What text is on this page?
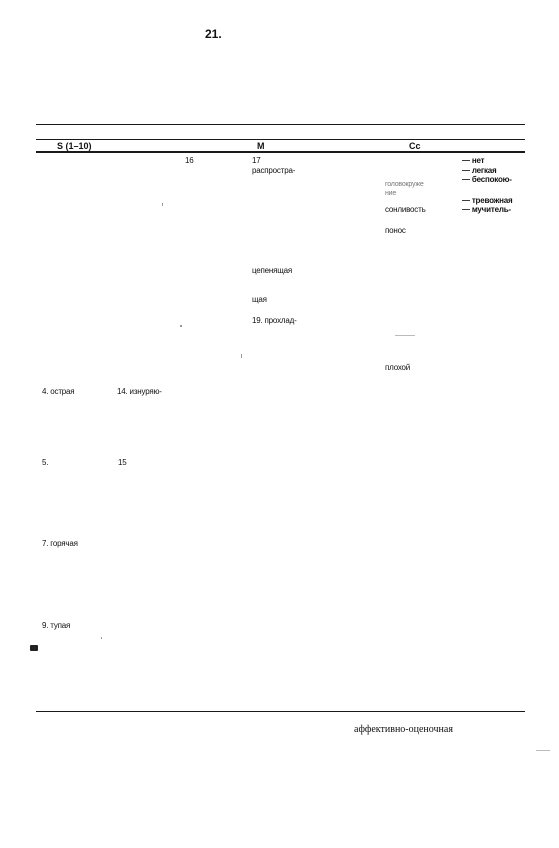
21.
S (1–10)	M	Cc
16
14. изнуряю-
15
17
распростра-
цепенящая
щая
19. прохлад-
головокруже
ние
сонливость
понос
плохой
— нет
— легкая
— беспокою-
— тревожная
— мучитель-
4. острая
5.
7. горячая
9. тупая
аффективно-оценочная
